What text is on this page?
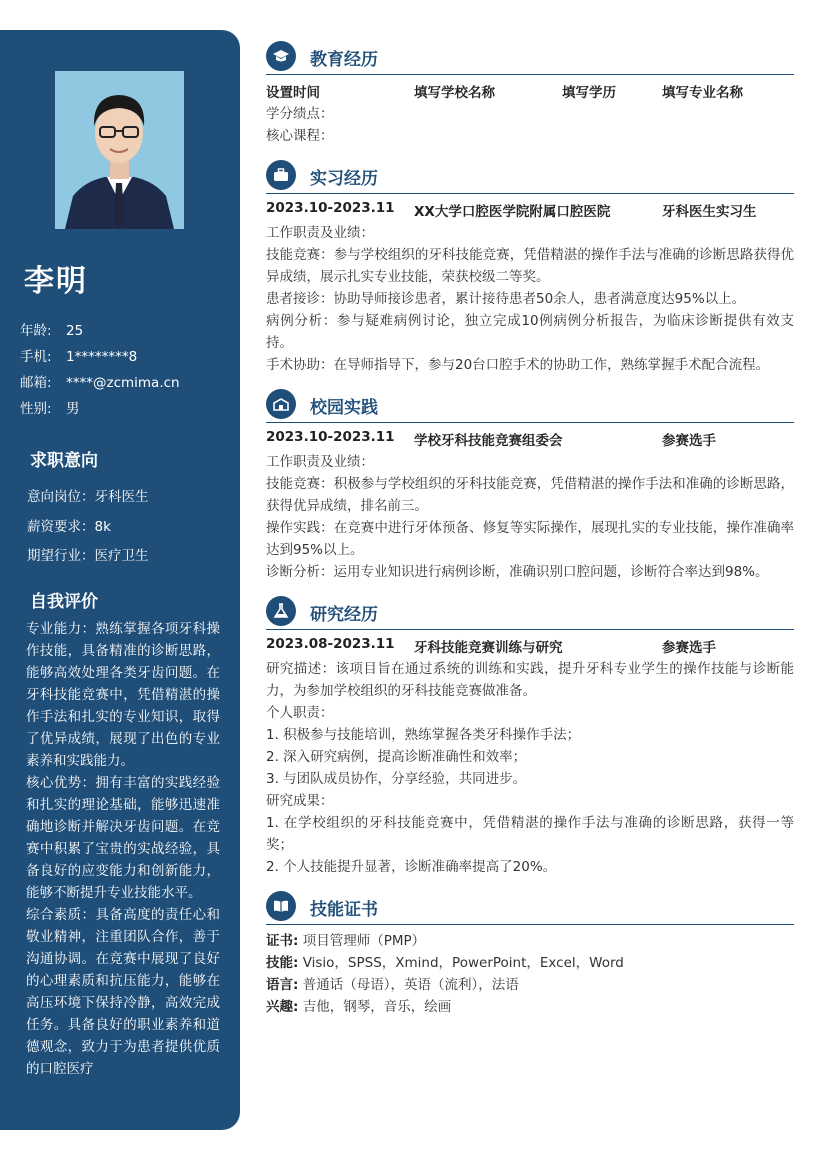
李明
年龄: 25
手机: 1********8
邮箱: ****@zcmima.cn
性别: 男
求职意向
意向岗位：牙科医生
薪资要求：8k
期望行业：医疗卫生
自我评价
专业能力：熟练掌握各项牙科操作技能，具备精准的诊断思路，能够高效处理各类牙齿问题。在牙科技能竞赛中，凭借精湛的操作手法和扎实的专业知识，取得了优异成绩，展现了出色的专业素养和实践能力。
核心优势：拥有丰富的实践经验和扎实的理论基础，能够迅速准确地诊断并解决牙齿问题。在竞赛中积累了宝贵的实战经验，具备良好的应变能力和创新能力，能够不断提升专业技能水平。
综合素质：具备高度的责任心和敬业精神，注重团队合作，善于沟通协调。在竞赛中展现了良好的心理素质和抗压能力，能够在高压环境下保持冷静，高效完成任务。具备良好的职业素养和道德观念，致力于为患者提供优质的口腔医疗
教育经历
设置时间	填写学校名称	填写学历	填写专业名称
学分绩点：
核心课程：
实习经历
2023.10-2023.11 XX大学口腔医学院附属口腔医院	牙科医生实习生
工作职责及业绩：
技能竞赛：参与学校组织的牙科技能竞赛，凭借精湛的操作手法与准确的诊断思路获得优异成绩，展示扎实专业技能，荣获校级二等奖。
患者接诊：协助导师接诊患者，累计接待患者50余人，患者满意度达95%以上。
病例分析：参与疑难病例讨论，独立完成10例病例分析报告，为临床诊断提供有效支持。
手术协助：在导师指导下，参与20台口腔手术的协助工作，熟练掌握手术配合流程。
校园实践
2023.10-2023.11 学校牙科技能竞赛组委会	参赛选手
工作职责及业绩：
技能竞赛：积极参与学校组织的牙科技能竞赛，凭借精湛的操作手法和准确的诊断思路，获得优异成绩，排名前三。
操作实践：在竞赛中进行牙体预备、修复等实际操作，展现扎实的专业技能，操作准确率达到95%以上。
诊断分析：运用专业知识进行病例诊断，准确识别口腔问题，诊断符合率达到98%。
研究经历
2023.08-2023.11 牙科技能竞赛训练与研究	参赛选手
研究描述：该项目旨在通过系统的训练和实践，提升牙科专业学生的操作技能与诊断能力，为参加学校组织的牙科技能竞赛做准备。
个人职责：
1. 积极参与技能培训，熟练掌握各类牙科操作手法；
2. 深入研究病例，提高诊断准确性和效率；
3. 与团队成员协作，分享经验，共同进步。
研究成果：
1. 在学校组织的牙科技能竞赛中，凭借精湛的操作手法与准确的诊断思路，获得一等奖；
2. 个人技能提升显著，诊断准确率提高了20%。
技能证书
证书: 项目管理师（PMP）
技能: Visio，SPSS，Xmind，PowerPoint，Excel，Word
语言: 普通话（母语），英语（流利），法语
兴趣: 吉他，钢琴，音乐，绘画
